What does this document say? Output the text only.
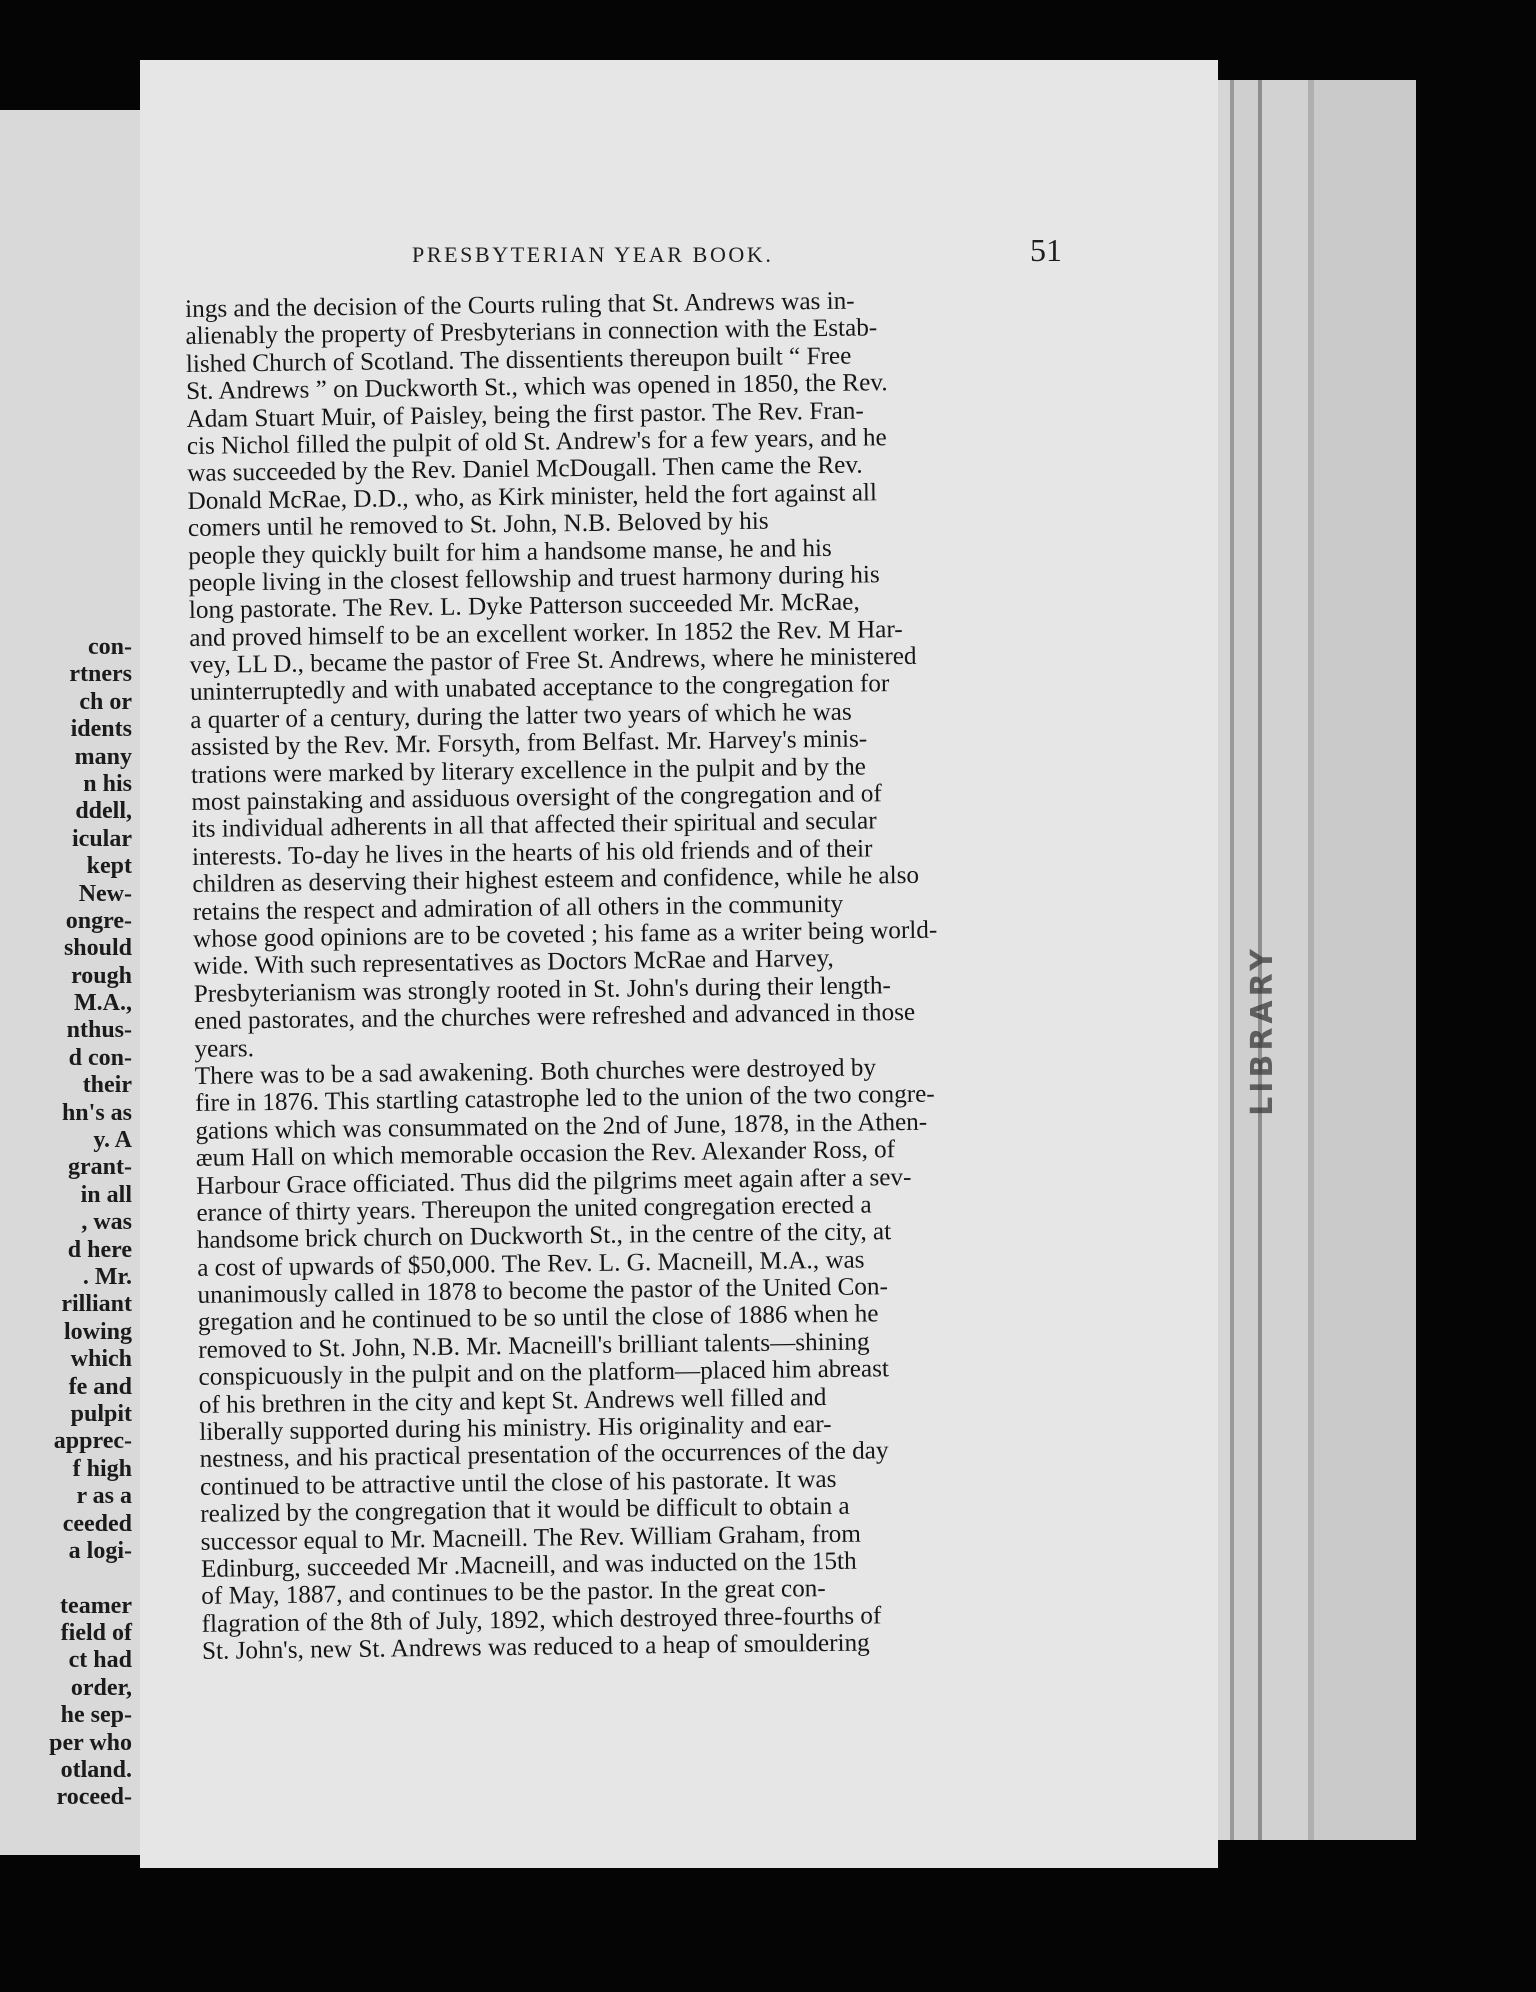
con-
rtners
ch or
idents
many
n his
ddell,
icular
kept
New-
ongre-
should
rough
M.A.,
nthus-
d con-
their
hn's as
y. A
grant-
in all
, was
d here
. Mr.
rilliant
lowing
which
fe and
pulpit
apprec-
f high
r as a
ceeded
a logi-
teamer
field of
ct had
order,
he sep-
per who
otland.
roceed-
LIBRARY
PRESBYTERIAN YEAR BOOK.	51
ings and the decision of the Courts ruling that St. Andrews was in-
alienably the property of Presbyterians in connection with the Estab-
lished Church of Scotland. The dissentients thereupon built “ Free
St. Andrews ” on Duckworth St., which was opened in 1850, the Rev.
Adam Stuart Muir, of Paisley, being the first pastor. The Rev. Fran-
cis Nichol filled the pulpit of old St. Andrew's for a few years, and he
was succeeded by the Rev. Daniel McDougall. Then came the Rev.
Donald McRae, D.D., who, as Kirk minister, held the fort against all
comers until he removed to St. John, N.B. Beloved by his
people they quickly built for him a handsome manse, he and his
people living in the closest fellowship and truest harmony during his
long pastorate. The Rev. L. Dyke Patterson succeeded Mr. McRae,
and proved himself to be an excellent worker. In 1852 the Rev. M Har-
vey, LL D., became the pastor of Free St. Andrews, where he ministered
uninterruptedly and with unabated acceptance to the congregation for
a quarter of a century, during the latter two years of which he was
assisted by the Rev. Mr. Forsyth, from Belfast. Mr. Harvey's minis-
trations were marked by literary excellence in the pulpit and by the
most painstaking and assiduous oversight of the congregation and of
its individual adherents in all that affected their spiritual and secular
interests. To-day he lives in the hearts of his old friends and of their
children as deserving their highest esteem and confidence, while he also
retains the respect and admiration of all others in the community
whose good opinions are to be coveted ; his fame as a writer being world-
wide. With such representatives as Doctors McRae and Harvey,
Presbyterianism was strongly rooted in St. John's during their length-
ened pastorates, and the churches were refreshed and advanced in those
years.
There was to be a sad awakening. Both churches were destroyed by
fire in 1876. This startling catastrophe led to the union of the two congre-
gations which was consummated on the 2nd of June, 1878, in the Athen-
æum Hall on which memorable occasion the Rev. Alexander Ross, of
Harbour Grace officiated. Thus did the pilgrims meet again after a sev-
erance of thirty years. Thereupon the united congregation erected a
handsome brick church on Duckworth St., in the centre of the city, at
a cost of upwards of $50,000. The Rev. L. G. Macneill, M.A., was
unanimously called in 1878 to become the pastor of the United Con-
gregation and he continued to be so until the close of 1886 when he
removed to St. John, N.B. Mr. Macneill's brilliant talents—shining
conspicuously in the pulpit and on the platform—placed him abreast
of his brethren in the city and kept St. Andrews well filled and
liberally supported during his ministry. His originality and ear-
nestness, and his practical presentation of the occurrences of the day
continued to be attractive until the close of his pastorate. It was
realized by the congregation that it would be difficult to obtain a
successor equal to Mr. Macneill. The Rev. William Graham, from
Edinburg, succeeded Mr .Macneill, and was inducted on the 15th
of May, 1887, and continues to be the pastor. In the great con-
flagration of the 8th of July, 1892, which destroyed three-fourths of
St. John's, new St. Andrews was reduced to a heap of smouldering
